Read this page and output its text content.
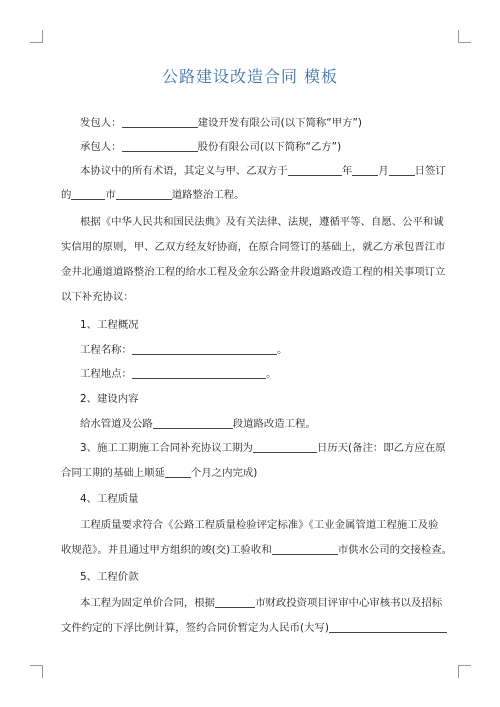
公路建设改造合同 模板
发包人：	建设开发有限公司(以下简称“甲方”)
承包人：	股份有限公司(以下简称“乙方”)
本协议中的所有术语，其定义与甲、乙双方于	年	月	日签订
的	市	道路整治工程。
根据《中华人民共和国民法典》及有关法律、法规，遵循平等、自愿、公平和诚
实信用的原则，甲、乙双方经友好协商，在原合同签订的基础上，就乙方承包晋江市
金井北通道道路整治工程的给水工程及金东公路金井段道路改造工程的相关事项订立
以下补充协议：
1、工程概况
工程名称：	。
工程地点：	。
2、建设内容
给水管道及公路	段道路改造工程。
3、施工工期施工合同补充协议工期为	日历天(备注：即乙方应在原
合同工期的基础上顺延	个月之内完成)
4、工程质量
工程质量要求符合《公路工程质量检验评定标准》《工业金属管道工程施工及验
收规范》。并且通过甲方组织的竣(交)工验收和	市供水公司的交接检查。
5、工程价款
本工程为固定单价合同，根据	市财政投资项目评审中心审核书以及招标
文件约定的下浮比例计算，签约合同价暂定为人民币(大写)
